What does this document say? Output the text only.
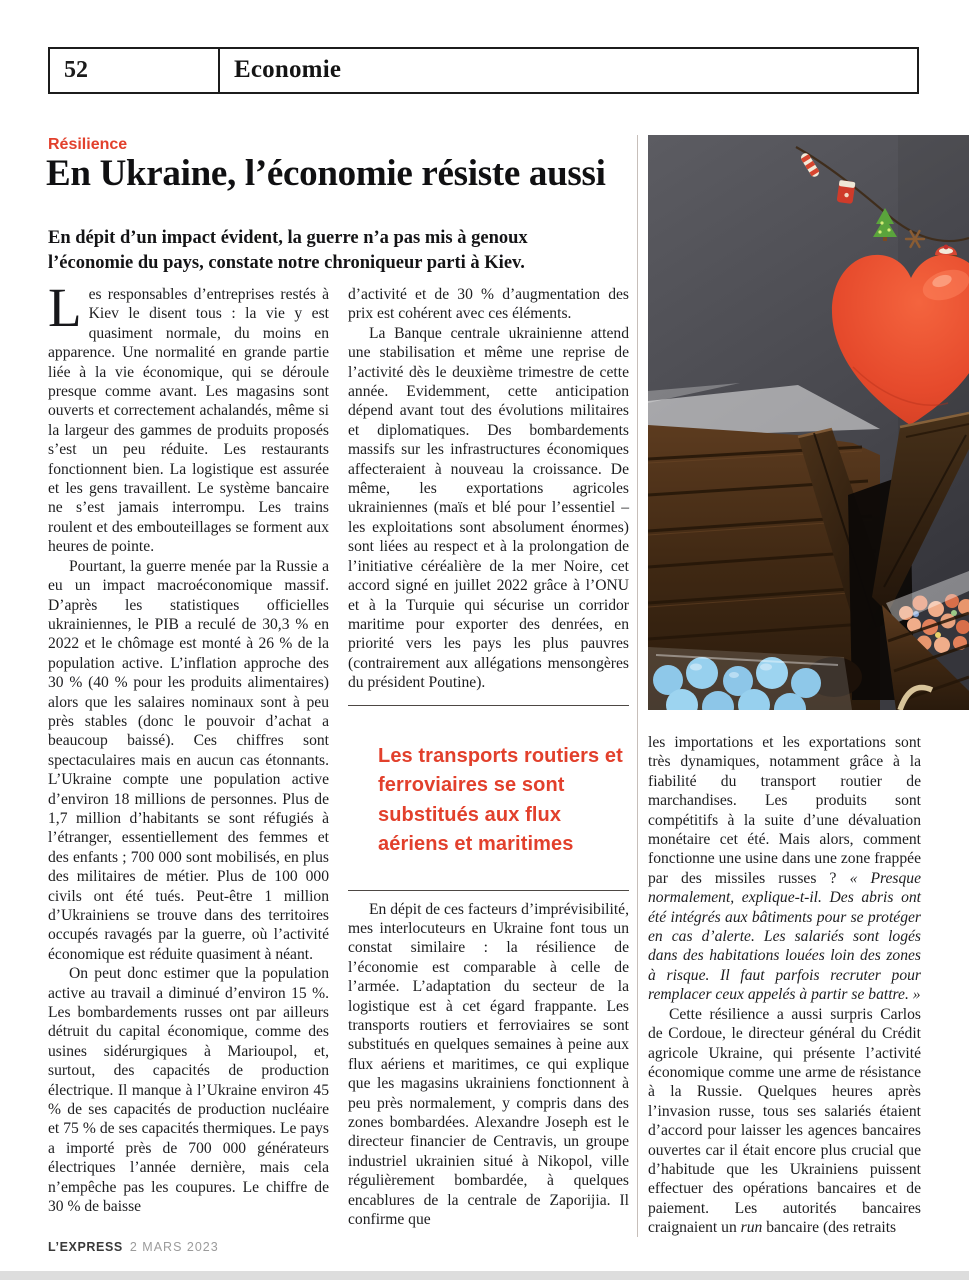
52	Economie
Résilience
En Ukraine, l’économie résiste aussi

En dépit d’un impact évident, la guerre n’a pas mis à genoux l’économie du pays, constate notre chroniqueur parti à Kiev.

Les responsables d’entreprises restés à Kiev le disent tous : la vie y est quasiment normale, du moins en apparence. Une normalité en grande partie liée à la vie économique, qui se déroule presque comme avant. Les magasins sont ouverts et correctement achalandés, même si la largeur des gammes de produits proposés s’est un peu réduite. Les restaurants fonctionnent bien. La logistique est assurée et les gens travaillent. Le système bancaire ne s’est jamais interrompu. Les trains roulent et des embouteillages se forment aux heures de pointe.

Pourtant, la guerre menée par la Russie a eu un impact macroéconomique massif. D’après les statistiques officielles ukrainiennes, le PIB a reculé de 30,3 % en 2022 et le chômage est monté à 26 % de la population active. L’inflation approche des 30 % (40 % pour les produits alimentaires) alors que les salaires nominaux sont à peu près stables (donc le pouvoir d’achat a beaucoup baissé). Ces chiffres sont spectaculaires mais en aucun cas étonnants. L’Ukraine compte une population active d’environ 18 millions de personnes. Plus de 1,7 million d’habitants se sont réfugiés à l’étranger, essentiellement des femmes et des enfants ; 700 000 sont mobilisés, en plus des militaires de métier. Plus de 100 000 civils ont été tués. Peut-être 1 million d’Ukrainiens se trouve dans des territoires occupés ravagés par la guerre, où l’activité économique est réduite quasiment à néant.

On peut donc estimer que la population active au travail a diminué d’environ 15 %. Les bombardements russes ont par ailleurs détruit du capital économique, comme des usines sidérurgiques à Marioupol, et, surtout, des capacités de production électrique. Il manque à l’Ukraine environ 45 % de ses capacités de production nucléaire et 75 % de ses capacités thermiques. Le pays a importé près de 700 000 générateurs électriques l’année dernière, mais cela n’empêche pas les coupures. Le chiffre de 30 % de baisse

d’activité et de 30 % d’augmentation des prix est cohérent avec ces éléments.

La Banque centrale ukrainienne attend une stabilisation et même une reprise de l’activité dès le deuxième trimestre de cette année. Evidemment, cette anticipation dépend avant tout des évolutions militaires et diplomatiques. Des bombardements massifs sur les infrastructures économiques affecteraient à nouveau la croissance. De même, les exportations agricoles ukrainiennes (maïs et blé pour l’essentiel – les exploitations sont absolument énormes) sont liées au respect et à la prolongation de l’initiative céréalière de la mer Noire, cet accord signé en juillet 2022 grâce à l’ONU et à la Turquie qui sécurise un corridor maritime pour exporter des denrées, en priorité vers les pays les plus pauvres (contrairement aux allégations mensongères du président Poutine).

Les transports routiers et ferroviaires se sont substitués aux flux aériens et maritimes

En dépit de ces facteurs d’imprévisibilité, mes interlocuteurs en Ukraine font tous un constat similaire : la résilience de l’économie est comparable à celle de l’armée. L’adaptation du secteur de la logistique est à cet égard frappante. Les transports routiers et ferroviaires se sont substitués en quelques semaines à peine aux flux aériens et maritimes, ce qui explique que les magasins ukrainiens fonctionnent à peu près normalement, y compris dans des zones bombardées. Alexandre Joseph est le directeur financier de Centravis, un groupe industriel ukrainien situé à Nikopol, ville régulièrement bombardée, à quelques encablures de la centrale de Zaporijia. Il confirme que

les importations et les exportations sont très dynamiques, notamment grâce à la fiabilité du transport routier de marchandises. Les produits sont compétitifs à la suite d’une dévaluation monétaire cet été. Mais alors, comment fonctionne une usine dans une zone frappée par des missiles russes ? « Presque normalement, explique-t-il. Des abris ont été intégrés aux bâtiments pour se protéger en cas d’alerte. Les salariés sont logés dans des habitations louées loin des zones à risque. Il faut parfois recruter pour remplacer ceux appelés à partir se battre. »

Cette résilience a aussi surpris Carlos de Cordoue, le directeur général du Crédit agricole Ukraine, qui présente l’activité économique comme une arme de résistance à la Russie. Quelques heures après l’invasion russe, tous ses salariés étaient d’accord pour laisser les agences bancaires ouvertes car il était encore plus crucial que d’habitude que les Ukrainiens puissent effectuer des opérations bancaires et de paiement. Les autorités bancaires craignaient un run bancaire (des retraits

L’EXPRESS 2 MARS 2023
